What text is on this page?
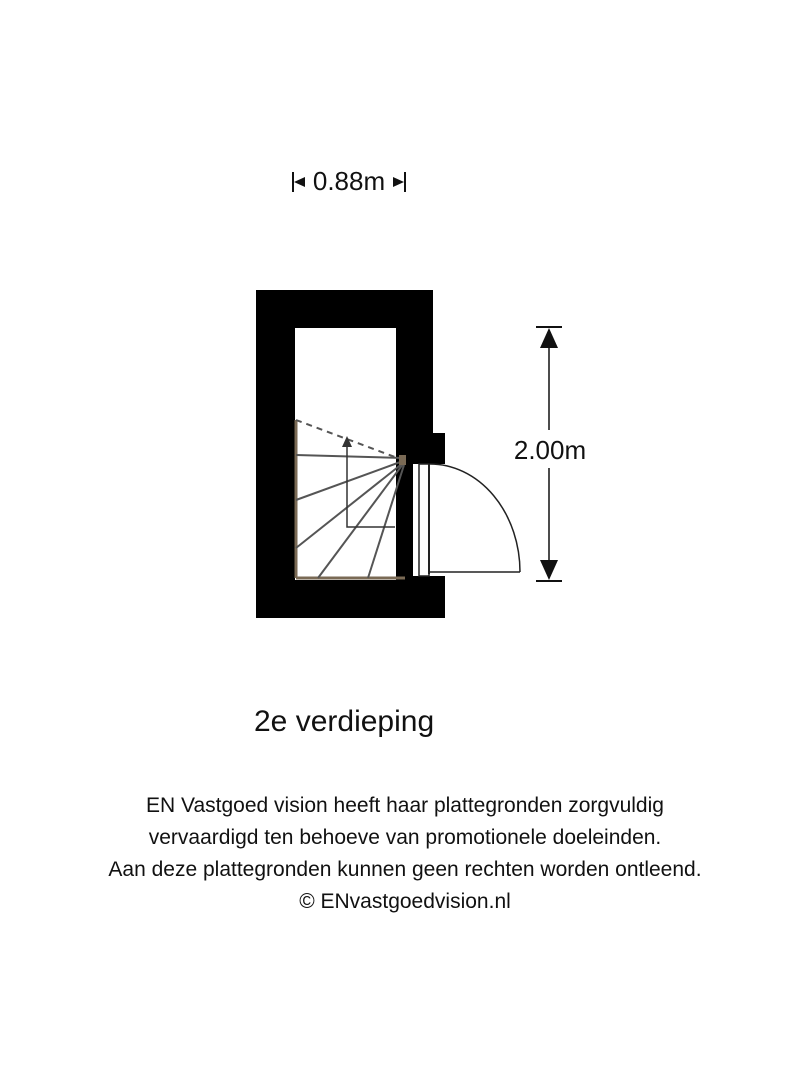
0.88m
2.00m
2e verdieping
EN Vastgoed vision heeft haar plattegronden zorgvuldig
vervaardigd ten behoeve van promotionele doeleinden.
Aan deze plattegronden kunnen geen rechten worden ontleend.
© ENvastgoedvision.nl
